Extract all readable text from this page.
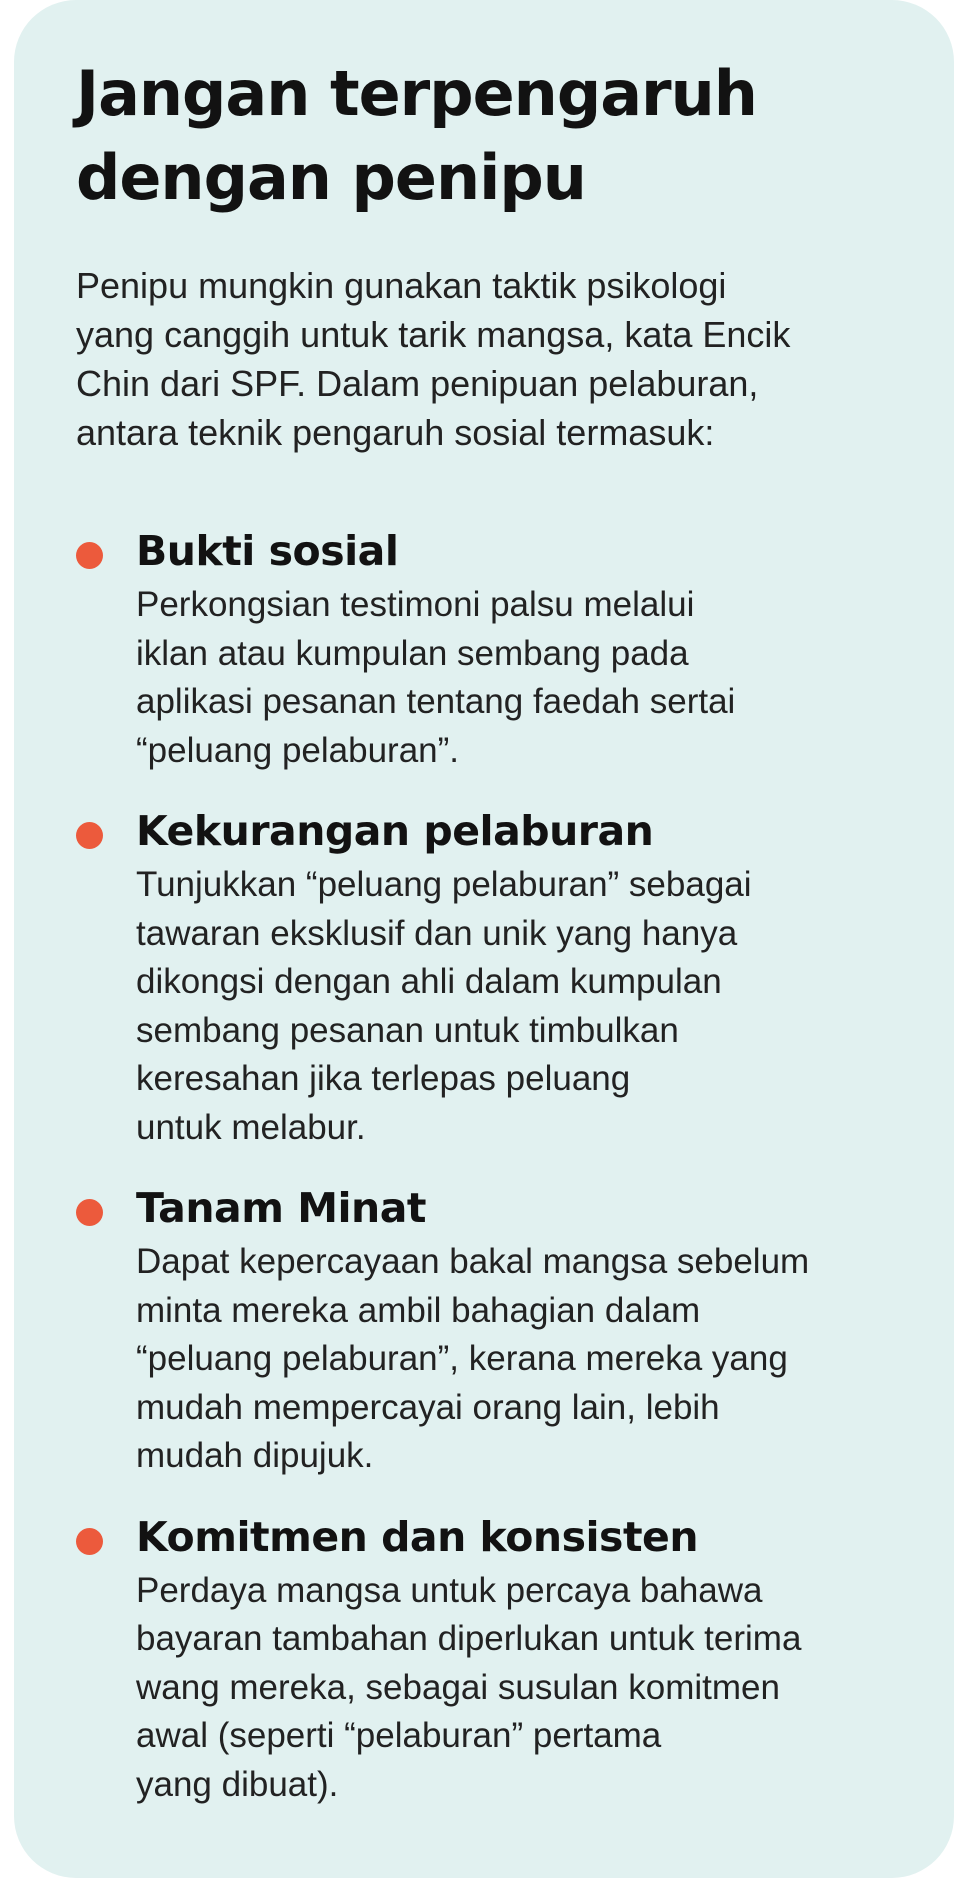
Jangan terpengaruh
dengan penipu

Penipu mungkin gunakan taktik psikologi
yang canggih untuk tarik mangsa, kata Encik
Chin dari SPF. Dalam penipuan pelaburan,
antara teknik pengaruh sosial termasuk:

Bukti sosial

Perkongsian testimoni palsu melalui
iklan atau kumpulan sembang pada
aplikasi pesanan tentang faedah sertai
“peluang pelaburan”.

Kekurangan pelaburan

Tunjukkan “peluang pelaburan” sebagai
tawaran eksklusif dan unik yang hanya
dikongsi dengan ahli dalam kumpulan
sembang pesanan untuk timbulkan
keresahan jika terlepas peluang
untuk melabur.

Tanam Minat

Dapat kepercayaan bakal mangsa sebelum
minta mereka ambil bahagian dalam
“peluang pelaburan”, kerana mereka yang
mudah mempercayai orang lain, lebih
mudah dipujuk.

Komitmen dan konsisten

Perdaya mangsa untuk percaya bahawa
bayaran tambahan diperlukan untuk terima
wang mereka, sebagai susulan komitmen
awal (seperti “pelaburan” pertama
yang dibuat).
